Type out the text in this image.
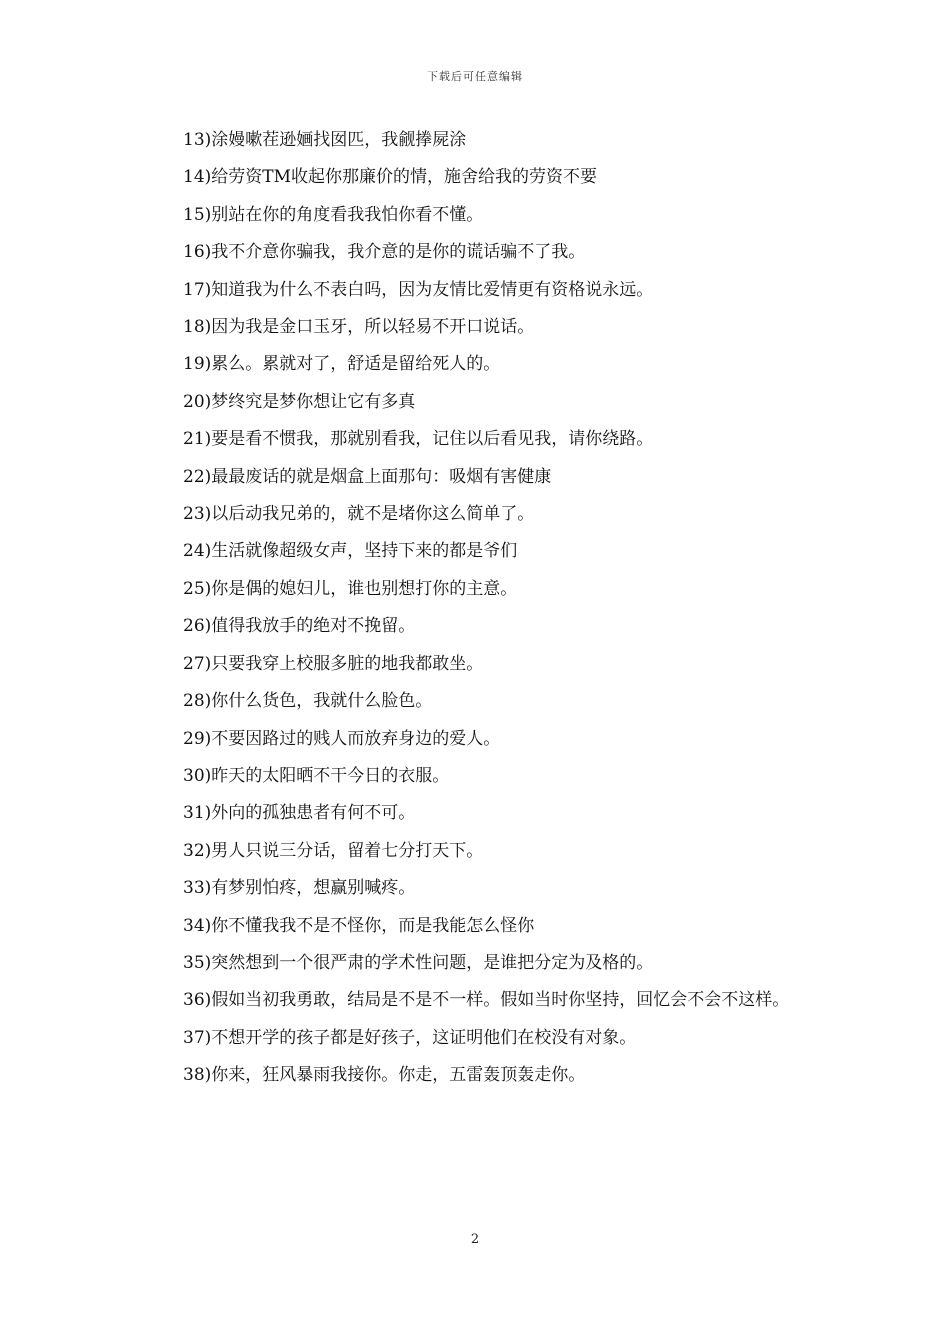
下载后可任意编辑

13)涂嫚嗽茬逊婳找囡匹，我觎搼屍涂

14)给劳资TM收起你那廉价的情，施舍给我的劳资不要

15)别站在你的角度看我我怕你看不懂。

16)我不介意你骗我，我介意的是你的谎话骗不了我。

17)知道我为什么不表白吗，因为友情比爱情更有资格说永远。

18)因为我是金口玉牙，所以轻易不开口说话。

19)累么。累就对了，舒适是留给死人的。

20)梦终究是梦你想让它有多真

21)要是看不惯我，那就别看我，记住以后看见我，请你绕路。

22)最最废话的就是烟盒上面那句：吸烟有害健康

23)以后动我兄弟的，就不是堵你这么简单了。

24)生活就像超级女声，坚持下来的都是爷们

25)你是偶的媳妇儿，谁也别想打你的主意。

26)值得我放手的绝对不挽留。

27)只要我穿上校服多脏的地我都敢坐。

28)你什么货色，我就什么脸色。

29)不要因路过的贱人而放弃身边的爱人。

30)昨天的太阳晒不干今日的衣服。

31)外向的孤独患者有何不可。

32)男人只说三分话，留着七分打天下。

33)有梦别怕疼，想赢别喊疼。

34)你不懂我我不是不怪你，而是我能怎么怪你

35)突然想到一个很严肃的学术性问题，是谁把分定为及格的。

36)假如当初我勇敢，结局是不是不一样。假如当时你坚持，回忆会不会不这样。

37)不想开学的孩子都是好孩子，这证明他们在校没有对象。

38)你来，狂风暴雨我接你。你走，五雷轰顶轰走你。

2
